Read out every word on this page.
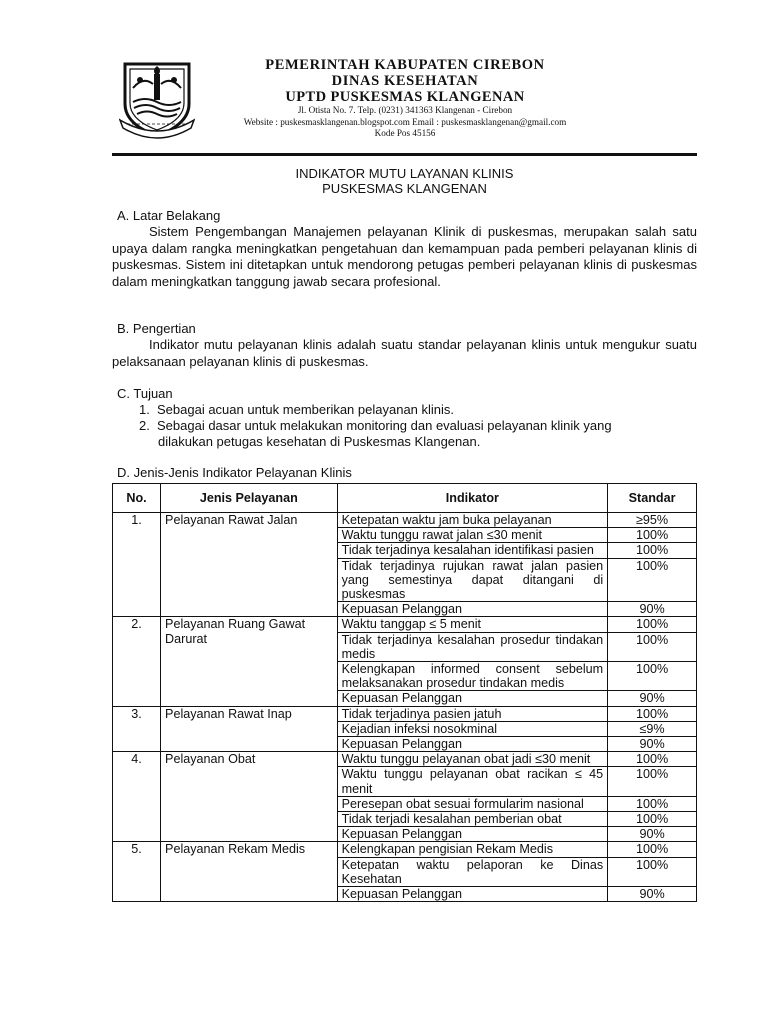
PEMERINTAH KABUPATEN CIREBON
DINAS KESEHATAN
UPTD PUSKESMAS KLANGENAN
Jl. Otista No. 7. Telp. (0231) 341363 Klangenan - Cirebon
Website : puskesmasklangenan.blogspot.com Email : puskesmasklangenan@gmail.com
Kode Pos 45156
INDIKATOR MUTU LAYANAN KLINIS
PUSKESMAS KLANGENAN
A. Latar Belakang
Sistem Pengembangan Manajemen pelayanan Klinik di puskesmas, merupakan salah satu upaya dalam rangka meningkatkan pengetahuan dan kemampuan pada pemberi pelayanan klinis di puskesmas. Sistem ini ditetapkan untuk mendorong petugas pemberi pelayanan klinis di puskesmas dalam meningkatkan tanggung jawab secara profesional.
B. Pengertian
Indikator mutu pelayanan klinis adalah suatu standar pelayanan klinis untuk mengukur suatu pelaksanaan pelayanan klinis di puskesmas.
C. Tujuan
1. Sebagai acuan untuk memberikan pelayanan klinis.
2. Sebagai dasar untuk melakukan monitoring dan evaluasi pelayanan klinik yang
dilakukan petugas kesehatan di Puskesmas Klangenan.
D. Jenis-Jenis Indikator Pelayanan Klinis
No.	Jenis Pelayanan	Indikator	Standar
1.	Pelayanan Rawat Jalan	Ketepatan waktu jam buka pelayanan	≥95%
		Waktu tunggu rawat jalan ≤30 menit	100%
		Tidak terjadinya kesalahan identifikasi pasien	100%
		Tidak terjadinya rujukan rawat jalan pasien yang semestinya dapat ditangani di puskesmas	100%
		Kepuasan Pelanggan	90%
2.	Pelayanan Ruang Gawat Darurat	Waktu tanggap ≤ 5 menit	100%
		Tidak terjadinya kesalahan prosedur tindakan medis	100%
		Kelengkapan informed consent sebelum melaksanakan prosedur tindakan medis	100%
		Kepuasan Pelanggan	90%
3.	Pelayanan Rawat Inap	Tidak terjadinya pasien jatuh	100%
		Kejadian infeksi nosokminal	≤9%
		Kepuasan Pelanggan	90%
4.	Pelayanan Obat	Waktu tunggu pelayanan obat jadi ≤30 menit	100%
		Waktu tunggu pelayanan obat racikan ≤ 45 menit	100%
		Peresepan obat sesuai formularim nasional	100%
		Tidak terjadi kesalahan pemberian obat	100%
		Kepuasan Pelanggan	90%
5.	Pelayanan Rekam Medis	Kelengkapan pengisian Rekam Medis	100%
		Ketepatan waktu pelaporan ke Dinas Kesehatan	100%
		Kepuasan Pelanggan	90%
